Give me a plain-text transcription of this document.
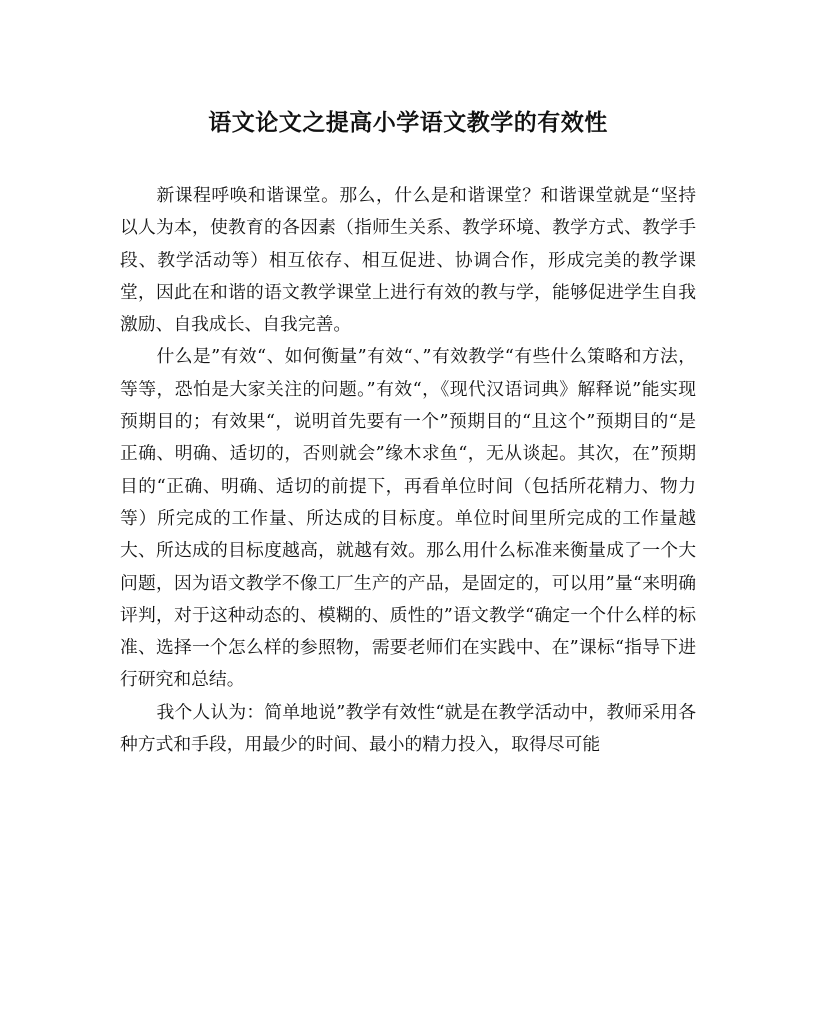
语文论文之提高小学语文教学的有效性

新课程呼唤和谐课堂。那么，什么是和谐课堂？和谐课堂就是“坚持以人为本，使教育的各因素（指师生关系、教学环境、教学方式、教学手段、教学活动等）相互依存、相互促进、协调合作，形成完美的教学课堂，因此在和谐的语文教学课堂上进行有效的教与学，能够促进学生自我激励、自我成长、自我完善。

什么是”有效“、如何衡量”有效“、”有效教学“有些什么策略和方法，等等，恐怕是大家关注的问题。”有效“，《现代汉语词典》解释说”能实现预期目的；有效果“，说明首先要有一个”预期目的“且这个”预期目的“是正确、明确、适切的，否则就会”缘木求鱼“，无从谈起。其次，在”预期目的“正确、明确、适切的前提下，再看单位时间（包括所花精力、物力等）所完成的工作量、所达成的目标度。单位时间里所完成的工作量越大、所达成的目标度越高，就越有效。那么用什么标准来衡量成了一个大问题，因为语文教学不像工厂生产的产品，是固定的，可以用”量“来明确评判，对于这种动态的、模糊的、质性的”语文教学“确定一个什么样的标准、选择一个怎么样的参照物，需要老师们在实践中、在”课标“指导下进行研究和总结。

我个人认为：简单地说”教学有效性“就是在教学活动中，教师采用各种方式和手段，用最少的时间、最小的精力投入，取得尽可能
